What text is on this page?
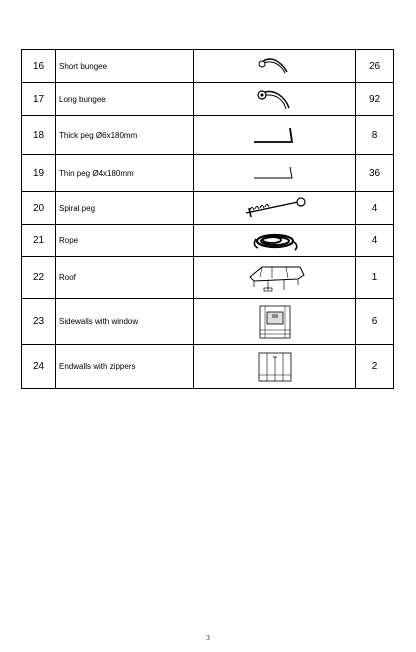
16	Short bungee		26
17	Long bungee		92
18	Thick peg Ø6x180mm		8
19	Thin peg Ø4x180mm		36
20	Spiral peg		4
21	Rope		4
22	Roof		1
23	Sidewalls with window		6
24	Endwalls with zippers		2
3
